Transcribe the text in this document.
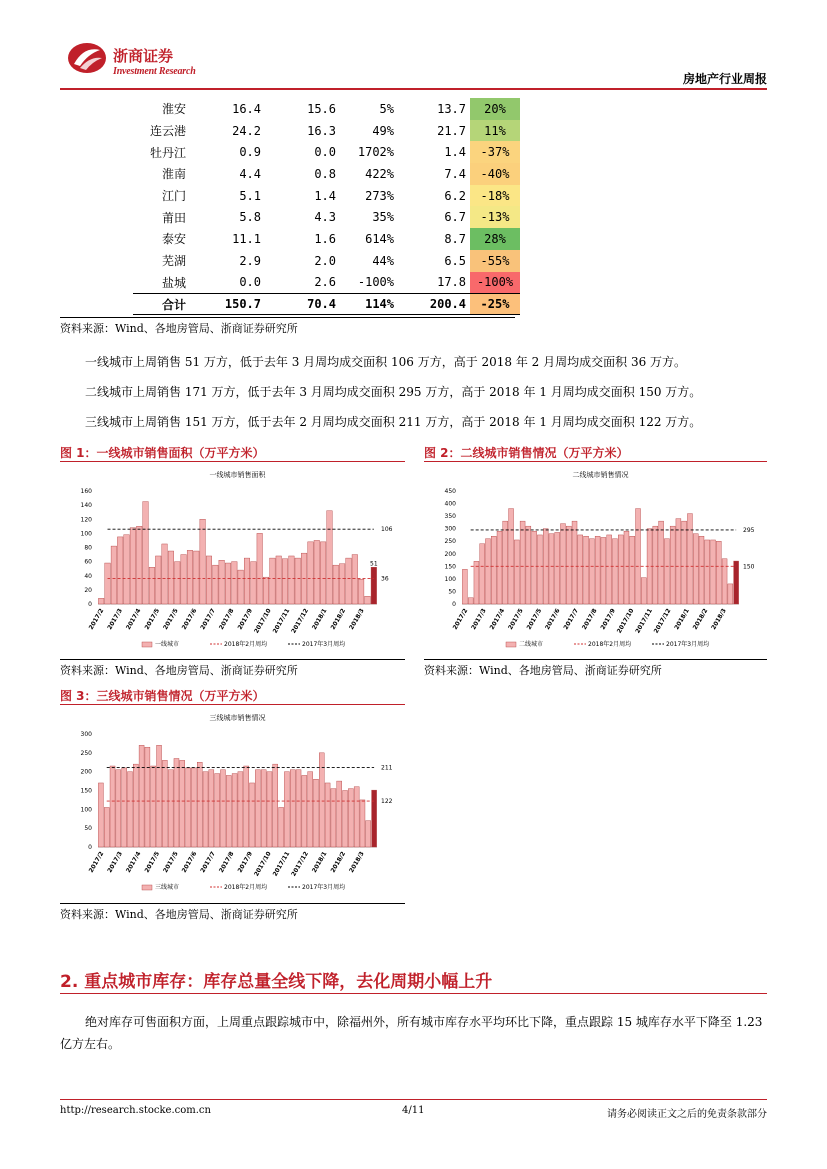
浙商证券
Investment Research
房地产行业周报
淮安	16.4	15.6	5%	13.7	20%
连云港	24.2	16.3	49%	21.7	11%
牡丹江	0.9	0.0	1702%	1.4	-37%
淮南	4.4	0.8	422%	7.4	-40%
江门	5.1	1.4	273%	6.2	-18%
莆田	5.8	4.3	35%	6.7	-13%
泰安	11.1	1.6	614%	8.7	28%
芜湖	2.9	2.0	44%	6.5	-55%
盐城	0.0	2.6	-100%	17.8	-100%
合计	150.7	70.4	114%	200.4	-25%
资料来源：Wind、各地房管局、浙商证券研究所
一线城市上周销售 51 万方，低于去年 3 月周均成交面积 106 万方，高于 2018 年 2 月周均成交面积 36 万方。
二线城市上周销售 171 万方，低于去年 3 月周均成交面积 295 万方，高于 2018 年 1 月周均成交面积 150 万方。
三线城市上周销售 151 万方，低于去年 2 月周均成交面积 211 万方，高于 2018 年 1 月周均成交面积 122 万方。
图 1：一线城市销售面积（万平方米）
一线城市销售面积
0
20
40
60
80
100
120
140
160
106
36
51
2017/2 2017/3 2017/4 2017/5 2017/5 2017/6 2017/7 2017/8 2017/9
2017/10
2017/11
2017/12 2018/1 2018/2 2018/3
一线城市	2018年2月周均	2017年3月周均
资料来源：Wind、各地房管局、浙商证券研究所
图 2：二线城市销售情况（万平方米）
二线城市销售情况
0
50
100
150
200
250
300
350
400
450
295
150
2017/2 2017/3 2017/4 2017/5 2017/5 2017/6 2017/7 2017/8 2017/9
2017/10
2017/11
2017/12 2018/1 2018/2 2018/3
二线城市	2018年2月周均	2017年3月周均
资料来源：Wind、各地房管局、浙商证券研究所
图 3：三线城市销售情况（万平方米）
三线城市销售情况
0
50
100
150
200
250
300
211
122
2017/2 2017/3 2017/4 2017/5 2017/5 2017/6 2017/7 2017/8 2017/9
2017/10
2017/11
2017/12 2018/1 2018/2 2018/3
三线城市	2018年2月周均	2017年3月周均
资料来源：Wind、各地房管局、浙商证券研究所
2. 重点城市库存：库存总量全线下降，去化周期小幅上升
绝对库存可售面积方面，上周重点跟踪城市中，除福州外，所有城市库存水平均环比下降，重点跟踪 15 城库存水平下降至 1.23 亿方左右。
http://research.stocke.com.cn	4/11	请务必阅读正文之后的免责条款部分
